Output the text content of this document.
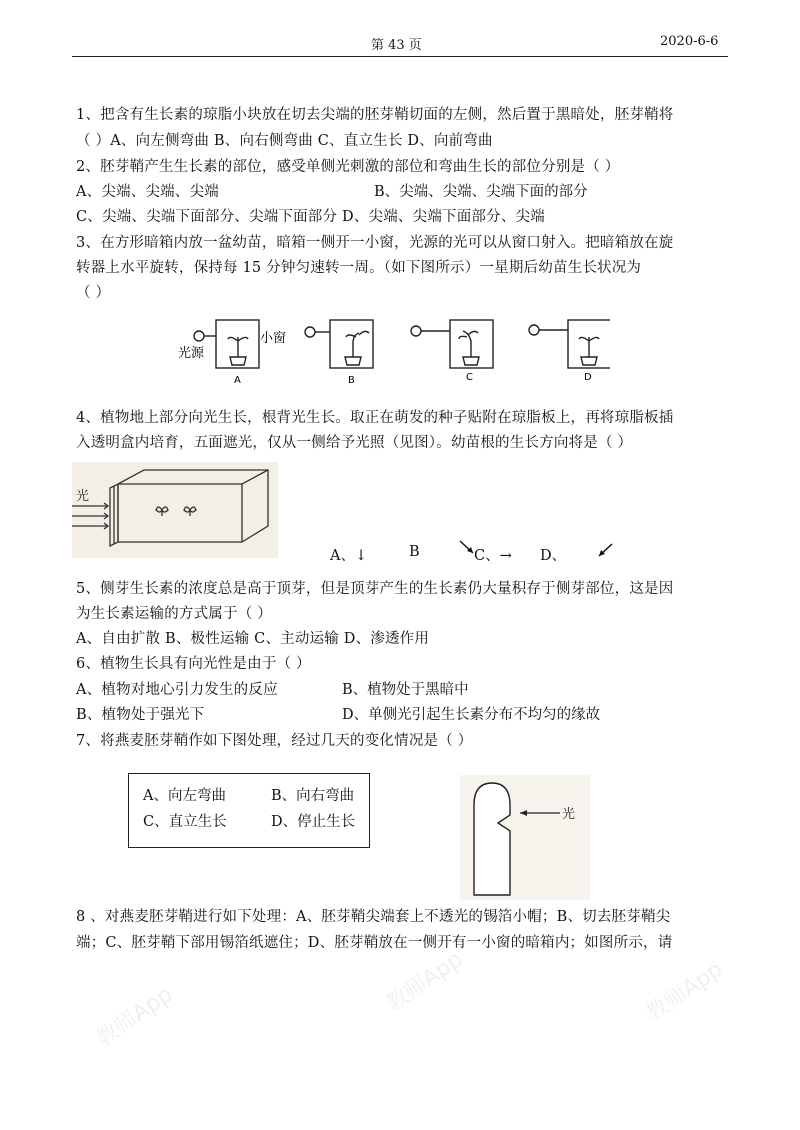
第 43 页	2020-6-6
1、把含有生长素的琼脂小块放在切去尖端的胚芽鞘切面的左侧，然后置于黑暗处，胚芽鞘将
（ ）A、向左侧弯曲 B、向右侧弯曲 C、直立生长 D、向前弯曲
2、胚芽鞘产生生长素的部位，感受单侧光刺激的部位和弯曲生长的部位分别是（ ）
A、尖端、尖端、尖端	B、尖端、尖端、尖端下面的部分
C、尖端、尖端下面部分、尖端下面部分 D、尖端、尖端下面部分、尖端
3、在方形暗箱内放一盆幼苗，暗箱一侧开一小窗，光源的光可以从窗口射入。把暗箱放在旋
转器上水平旋转，保持每 15 分钟匀速转一周。（如下图所示）一星期后幼苗生长状况为
（ ）
光源
小窗
A	B	C	D
4、植物地上部分向光生长，根背光生长。取正在萌发的种子贴附在琼脂板上，再将琼脂板插
入透明盒内培育，五面遮光，仅从一侧给予光照（见图）。幼苗根的生长方向将是（ ）
光
A、↓	B	C、→ D、
5、侧芽生长素的浓度总是高于顶芽，但是顶芽产生的生长素仍大量积存于侧芽部位，这是因
为生长素运输的方式属于（ ）
A、自由扩散 B、极性运输 C、主动运输 D、渗透作用
6、植物生长具有向光性是由于（ ）
A、植物对地心引力发生的反应	B、植物处于黑暗中
B、植物处于强光下	D、单侧光引起生长素分布不均匀的缘故
7、将燕麦胚芽鞘作如下图处理，经过几天的变化情况是（ ）
A、向左弯曲	B、向右弯曲
C、直立生长	D、停止生长	光
8 、对燕麦胚芽鞘进行如下处理：A、胚芽鞘尖端套上不透光的锡箔小帽；B、切去胚芽鞘尖
端；C、胚芽鞘下部用锡箔纸遮住；D、胚芽鞘放在一侧开有一小窗的暗箱内；如图所示，请
教师App	教师App	教师App
